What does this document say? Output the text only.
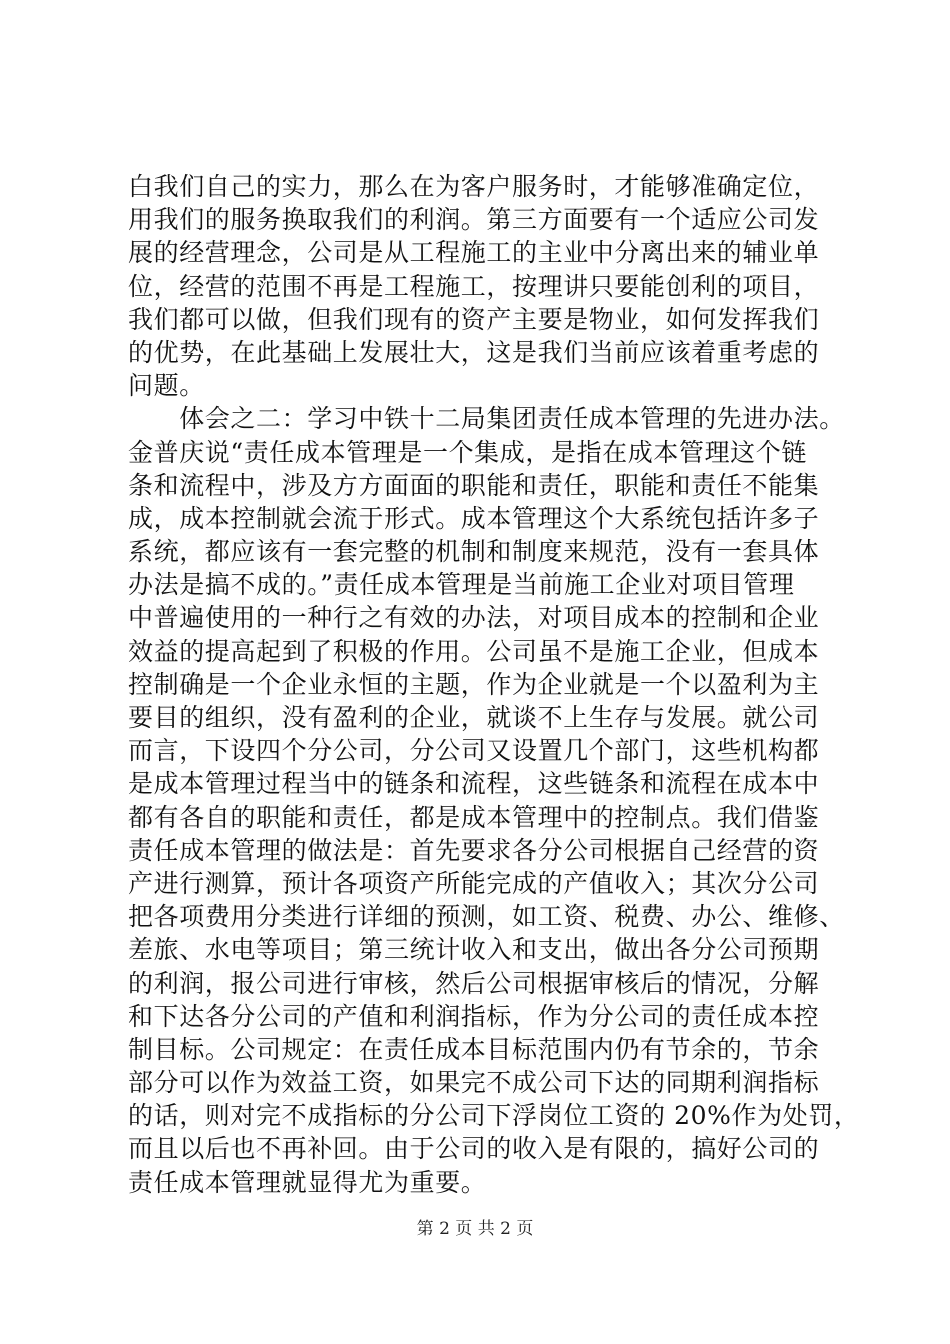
白我们自己的实力，那么在为客户服务时，才能够准确定位，
用我们的服务换取我们的利润。第三方面要有一个适应公司发
展的经营理念，公司是从工程施工的主业中分离出来的辅业单
位，经营的范围不再是工程施工，按理讲只要能创利的项目，
我们都可以做，但我们现有的资产主要是物业，如何发挥我们
的优势，在此基础上发展壮大，这是我们当前应该着重考虑的
问题。
　　体会之二：学习中铁十二局集团责任成本管理的先进办法。
金普庆说“责任成本管理是一个集成，是指在成本管理这个链
条和流程中，涉及方方面面的职能和责任，职能和责任不能集
成，成本控制就会流于形式。成本管理这个大系统包括许多子
系统，都应该有一套完整的机制和制度来规范，没有一套具体
办法是搞不成的。”责任成本管理是当前施工企业对项目管理
中普遍使用的一种行之有效的办法，对项目成本的控制和企业
效益的提高起到了积极的作用。公司虽不是施工企业，但成本
控制确是一个企业永恒的主题，作为企业就是一个以盈利为主
要目的组织，没有盈利的企业，就谈不上生存与发展。就公司
而言，下设四个分公司，分公司又设置几个部门，这些机构都
是成本管理过程当中的链条和流程，这些链条和流程在成本中
都有各自的职能和责任，都是成本管理中的控制点。我们借鉴
责任成本管理的做法是：首先要求各分公司根据自己经营的资
产进行测算，预计各项资产所能完成的产值收入；其次分公司
把各项费用分类进行详细的预测，如工资、税费、办公、维修、
差旅、水电等项目；第三统计收入和支出，做出各分公司预期
的利润，报公司进行审核，然后公司根据审核后的情况，分解
和下达各分公司的产值和利润指标，作为分公司的责任成本控
制目标。公司规定：在责任成本目标范围内仍有节余的，节余
部分可以作为效益工资，如果完不成公司下达的同期利润指标
的话，则对完不成指标的分公司下浮岗位工资的 20%作为处罚，
而且以后也不再补回。由于公司的收入是有限的，搞好公司的
责任成本管理就显得尤为重要。
第 2 页 共 2 页
